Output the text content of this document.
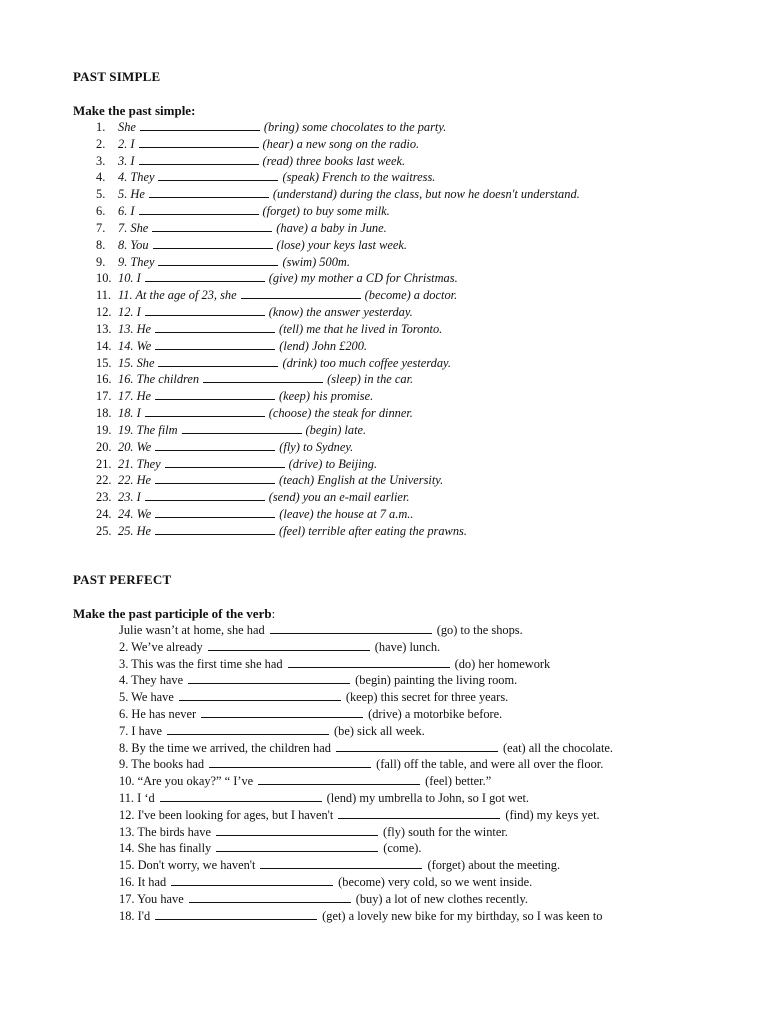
PAST SIMPLE
Make the past simple:
1. She	(bring) some chocolates to the party.
2. 2. I	(hear) a new song on the radio.
3. 3. I	(read) three books last week.
4. 4. They	(speak) French to the waitress.
5. 5. He	(understand) during the class, but now he doesn't understand.
6. 6. I	(forget) to buy some milk.
7. 7. She	(have) a baby in June.
8. 8. You	(lose) your keys last week.
9. 9. They	(swim) 500m.
10. 10. I	(give) my mother a CD for Christmas.
11. 11. At the age of 23, she	(become) a doctor.
12. 12. I	(know) the answer yesterday.
13. 13. He	(tell) me that he lived in Toronto.
14. 14. We	(lend) John £200.
15. 15. She	(drink) too much coffee yesterday.
16. 16. The children	(sleep) in the car.
17. 17. He	(keep) his promise.
18. 18. I	(choose) the steak for dinner.
19. 19. The film	(begin) late.
20. 20. We	(fly) to Sydney.
21. 21. They	(drive) to Beijing.
22. 22. He	(teach) English at the University.
23. 23. I	(send) you an e-mail earlier.
24. 24. We	(leave) the house at 7 a.m..
25. 25. He	(feel) terrible after eating the prawns.
PAST PERFECT
Make the past participle of the verb:
Julie wasn’t at home, she had	(go) to the shops.
2. We’ve already	(have) lunch.
3. This was the first time she had	(do) her homework
4. They have	(begin) painting the living room.
5. We have	(keep) this secret for three years.
6. He has never	(drive) a motorbike before.
7. I have	(be) sick all week.
8. By the time we arrived, the children had	(eat) all the chocolate.
9. The books had	(fall) off the table, and were all over the floor.
10. “Are you okay?” “ I’ve	(feel) better.”
11. I ‘d	(lend) my umbrella to John, so I got wet.
12. I've been looking for ages, but I haven't	(find) my keys yet.
13. The birds have	(fly) south for the winter.
14. She has finally	(come).
15. Don't worry, we haven't	(forget) about the meeting.
16. It had	(become) very cold, so we went inside.
17. You have	(buy) a lot of new clothes recently.
18. I'd	(get) a lovely new bike for my birthday, so I was keen to
